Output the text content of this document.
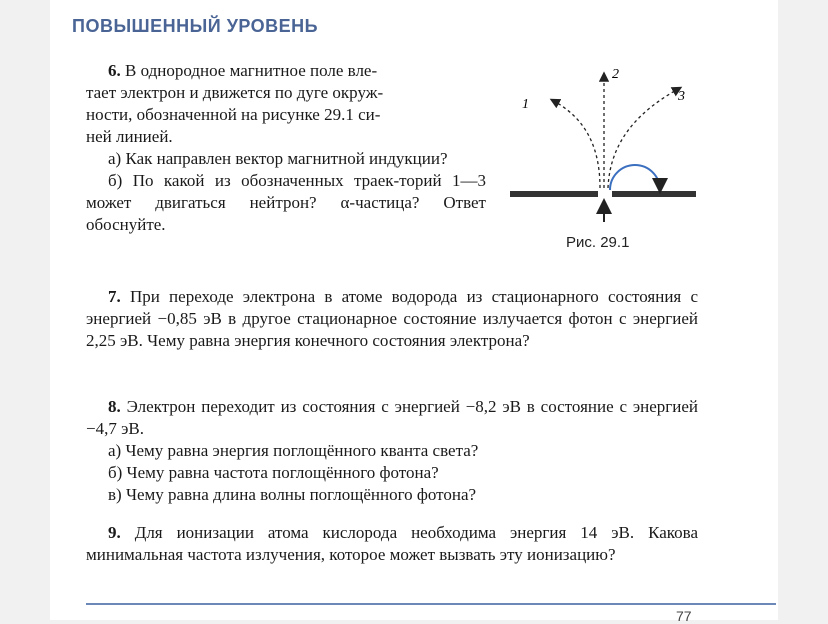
ПОВЫШЕННЫЙ УРОВЕНЬ

6. В однородное магнитное поле вле-
тает электрон и движется по дуге окруж-
ности, обозначенной на рисунке 29.1 си-
ней линией.

а) Как направлен вектор магнитной индукции?

б) По какой из обозначенных траек-торий 1—3 может двигаться нейтрон? α-частица? Ответ обоснуйте.

1
2
3
Рис. 29.1

7. При переходе электрона в атоме водорода из стационарного состояния с энергией −0,85 эВ в другое стационарное состояние излучается фотон с энергией 2,25 эВ. Чему равна энергия конечного состояния электрона?

8. Электрон переходит из состояния с энергией −8,2 эВ в состояние с энергией −4,7 эВ.

а) Чему равна энергия поглощённого кванта света?

б) Чему равна частота поглощённого фотона?

в) Чему равна длина волны поглощённого фотона?

9. Для ионизации атома кислорода необходима энергия 14 эВ. Какова минимальная частота излучения, которое может вызвать эту ионизацию?

77
